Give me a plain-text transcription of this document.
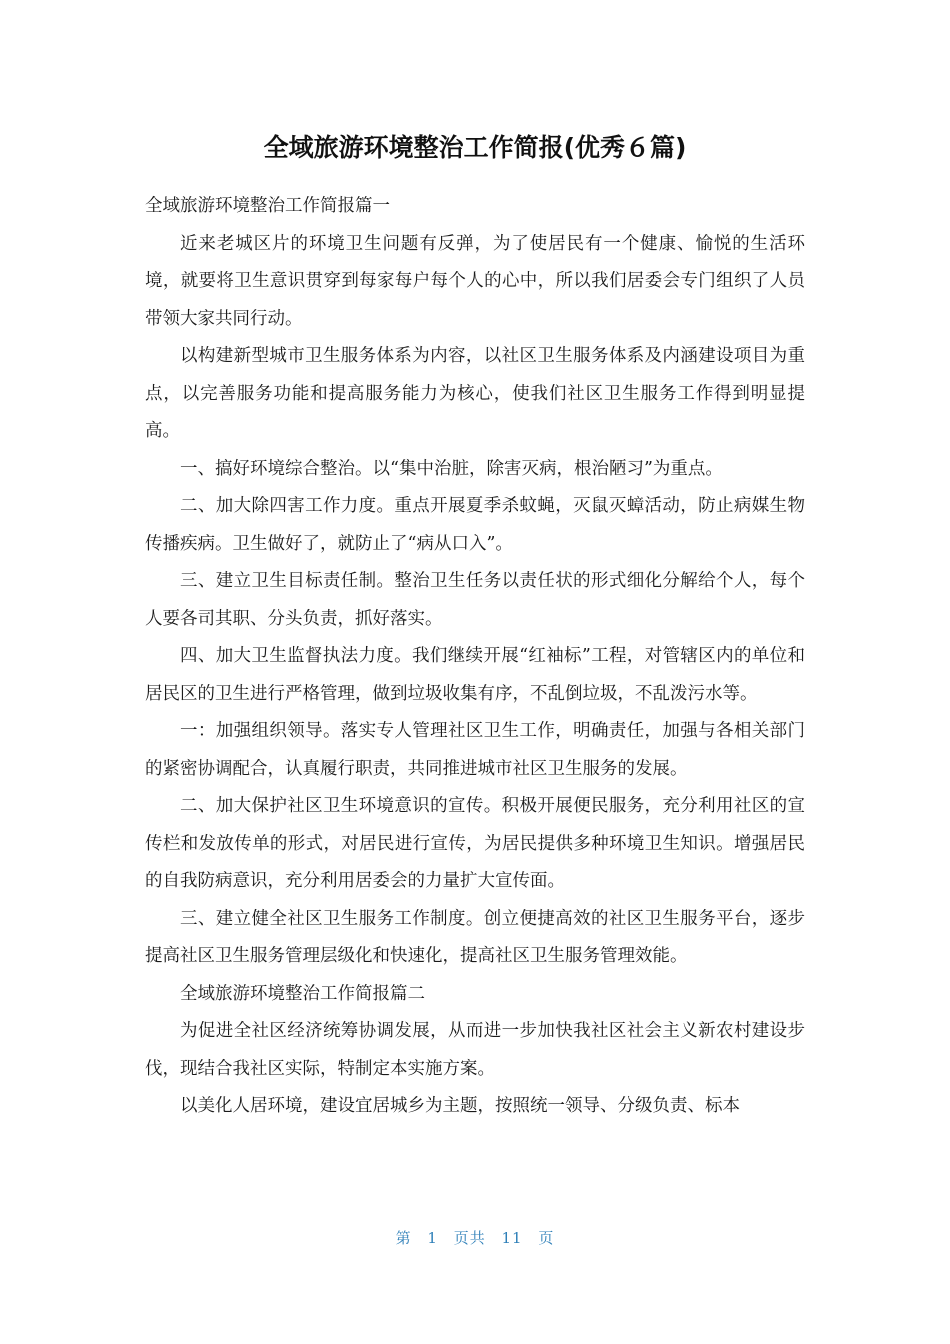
全域旅游环境整治工作简报(优秀６篇)

全域旅游环境整治工作简报篇一

近来老城区片的环境卫生问题有反弹，为了使居民有一个健康、愉悦的生活环境，就要将卫生意识贯穿到每家每户每个人的心中，所以我们居委会专门组织了人员带领大家共同行动。

以构建新型城市卫生服务体系为内容，以社区卫生服务体系及内涵建设项目为重点，以完善服务功能和提高服务能力为核心，使我们社区卫生服务工作得到明显提高。

一、搞好环境综合整治。以“集中治脏，除害灭病，根治陋习”为重点。

二、加大除四害工作力度。重点开展夏季杀蚊蝇，灭鼠灭蟑活动，防止病媒生物传播疾病。卫生做好了，就防止了“病从口入”。

三、建立卫生目标责任制。整治卫生任务以责任状的形式细化分解给个人，每个人要各司其职、分头负责，抓好落实。

四、加大卫生监督执法力度。我们继续开展“红袖标”工程，对管辖区内的单位和居民区的卫生进行严格管理，做到垃圾收集有序，不乱倒垃圾，不乱泼污水等。

一：加强组织领导。落实专人管理社区卫生工作，明确责任，加强与各相关部门的紧密协调配合，认真履行职责，共同推进城市社区卫生服务的发展。

二、加大保护社区卫生环境意识的宣传。积极开展便民服务，充分利用社区的宣传栏和发放传单的形式，对居民进行宣传，为居民提供多种环境卫生知识。增强居民的自我防病意识，充分利用居委会的力量扩大宣传面。

三、建立健全社区卫生服务工作制度。创立便捷高效的社区卫生服务平台，逐步提高社区卫生服务管理层级化和快速化，提高社区卫生服务管理效能。

全域旅游环境整治工作简报篇二

为促进全社区经济统筹协调发展，从而进一步加快我社区社会主义新农村建设步伐，现结合我社区实际，特制定本实施方案。

以美化人居环境，建设宜居城乡为主题，按照统一领导、分级负责、标本

第 1 页共 11 页
